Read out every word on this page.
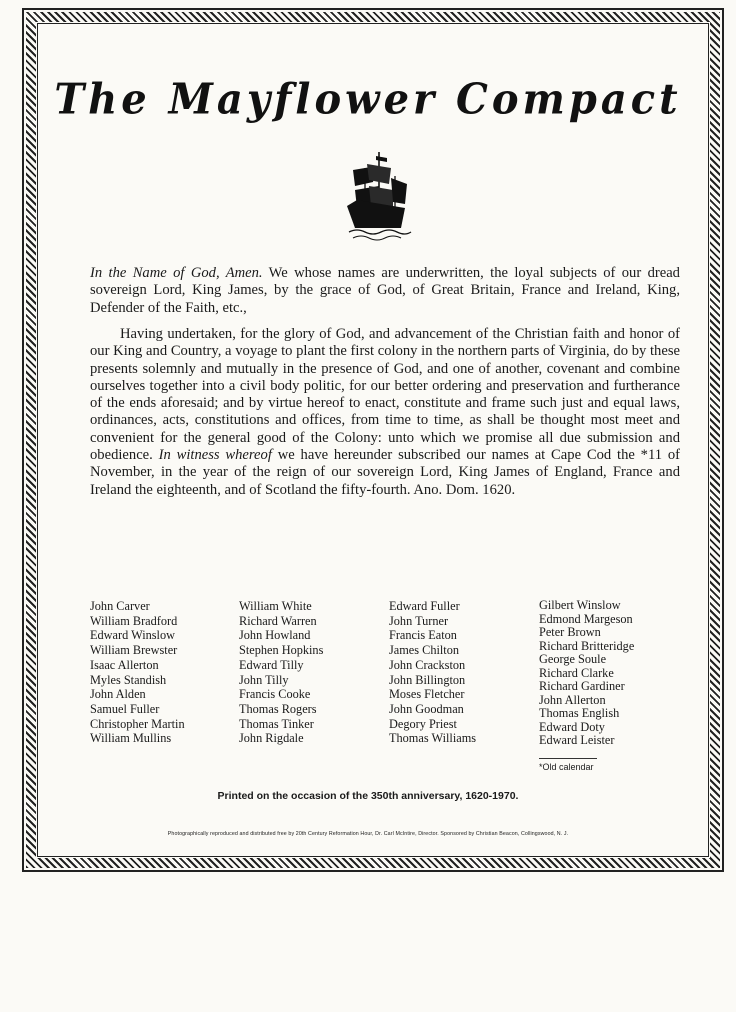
The Mayflower Compact

In the Name of God, Amen. We whose names are underwritten, the loyal subjects of our dread sovereign Lord, King James, by the grace of God, of Great Britain, France and Ireland, King, Defender of the Faith, etc.,

Having undertaken, for the glory of God, and advancement of the Christian faith and honor of our King and Country, a voyage to plant the first colony in the northern parts of Virginia, do by these presents solemnly and mutually in the presence of God, and one of another, covenant and combine ourselves together into a civil body politic, for our better ordering and preservation and furtherance of the ends aforesaid; and by virtue hereof to enact, constitute and frame such just and equal laws, ordinances, acts, constitutions and offices, from time to time, as shall be thought most meet and convenient for the general good of the Colony: unto which we promise all due submission and obedience. In witness whereof we have hereunder subscribed our names at Cape Cod the *11 of November, in the year of the reign of our sovereign Lord, King James of England, France and Ireland the eighteenth, and of Scotland the fifty-fourth. Ano. Dom. 1620.

John Carver
William Bradford
Edward Winslow
William Brewster
Isaac Allerton
Myles Standish
John Alden
Samuel Fuller
Christopher Martin
William Mullins
William White
Richard Warren
John Howland
Stephen Hopkins
Edward Tilly
John Tilly
Francis Cooke
Thomas Rogers
Thomas Tinker
John Rigdale
Edward Fuller
John Turner
Francis Eaton
James Chilton
John Crackston
John Billington
Moses Fletcher
John Goodman
Degory Priest
Thomas Williams
Gilbert Winslow
Edmond Margeson
Peter Brown
Richard Britteridge
George Soule
Richard Clarke
Richard Gardiner
John Allerton
Thomas English
Edward Doty
Edward Leister
*Old calendar
Printed on the occasion of the 350th anniversary, 1620-1970.
Photographically reproduced and distributed free by 20th Century Reformation Hour, Dr. Carl McIntire, Director. Sponsored by Christian Beacon, Collingswood, N. J.
